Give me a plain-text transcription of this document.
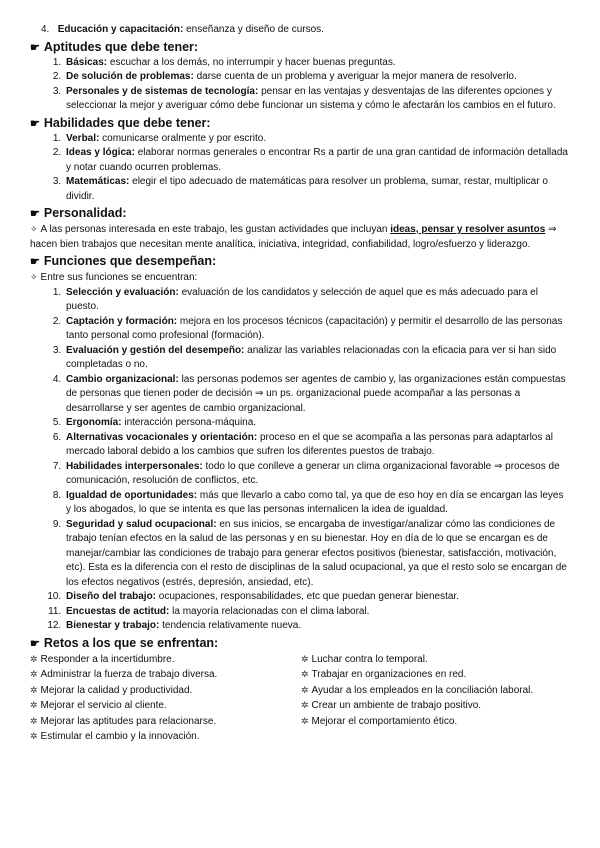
4. Educación y capacitación: enseñanza y diseño de cursos.
☛ Aptitudes que debe tener:
1. Básicas: escuchar a los demás, no interrumpir y hacer buenas preguntas.
2. De solución de problemas: darse cuenta de un problema y averiguar la mejor manera de resolverlo.
3. Personales y de sistemas de tecnología: pensar en las ventajas y desventajas de las diferentes opciones y seleccionar la mejor y averiguar cómo debe funcionar un sistema y cómo le afectarán los cambios en el futuro.
☛ Habilidades que debe tener:
1. Verbal: comunicarse oralmente y por escrito.
2. Ideas y lógica: elaborar normas generales o encontrar Rs a partir de una gran cantidad de información detallada y notar cuando ocurren problemas.
3. Matemáticas: elegir el tipo adecuado de matemáticas para resolver un problema, sumar, restar, multiplicar o dividir.
☛ Personalidad:
✧ A las personas interesada en este trabajo, les gustan actividades que incluyan ideas, pensar y resolver asuntos ⇒ hacen bien trabajos que necesitan mente analítica, iniciativa, integridad, confiabilidad, logro/esfuerzo y liderazgo.
☛ Funciones que desempeñan:
✧ Entre sus funciones se encuentran:
1. Selección y evaluación: evaluación de los candidatos y selección de aquel que es más adecuado para el puesto.
2. Captación y formación: mejora en los procesos técnicos (capacitación) y permitir el desarrollo de las personas tanto personal como profesional (formación).
3. Evaluación y gestión del desempeño: analizar las variables relacionadas con la eficacia para ver si han sido completadas o no.
4. Cambio organizacional: las personas podemos ser agentes de cambio y, las organizaciones están compuestas de personas que tienen poder de decisión ⇒ un ps. organizacional puede acompañar a las personas a desarrollarse y ser agentes de cambio organizacional.
5. Ergonomía: interacción persona-máquina.
6. Alternativas vocacionales y orientación: proceso en el que se acompaña a las personas para adaptarlos al mercado laboral debido a los cambios que sufren los diferentes puestos de trabajo.
7. Habilidades interpersonales: todo lo que conlleve a generar un clima organizacional favorable ⇒ procesos de comunicación, resolución de conflictos, etc.
8. Igualdad de oportunidades: más que llevarlo a cabo como tal, ya que de eso hoy en día se encargan las leyes y los abogados, lo que se intenta es que las personas internalicen la idea de igualdad.
9. Seguridad y salud ocupacional: en sus inicios, se encargaba de investigar/analizar cómo las condiciones de trabajo tenían efectos en la salud de las personas y en su bienestar. Hoy en día de lo que se encargan es de manejar/cambiar las condiciones de trabajo para generar efectos positivos (bienestar, satisfacción, motivación, etc). Esta es la diferencia con el resto de disciplinas de la salud ocupacional, ya que el resto solo se encargan de los efectos negativos (estrés, depresión, ansiedad, etc).
10. Diseño del trabajo: ocupaciones, responsabilidades, etc que puedan generar bienestar.
11. Encuestas de actitud: la mayoría relacionadas con el clima laboral.
12. Bienestar y trabajo: tendencia relativamente nueva.
☛ Retos a los que se enfrentan:
✲ Responder a la incertidumbre.
✲ Administrar la fuerza de trabajo diversa.
✲ Mejorar la calidad y productividad.
✲ Mejorar el servicio al cliente.
✲ Mejorar las aptitudes para relacionarse.
✲ Estimular el cambio y la innovación.
✲ Luchar contra lo temporal.
✲ Trabajar en organizaciones en red.
✲ Ayudar a los empleados en la conciliación laboral.
✲ Crear un ambiente de trabajo positivo.
✲ Mejorar el comportamiento ético.
